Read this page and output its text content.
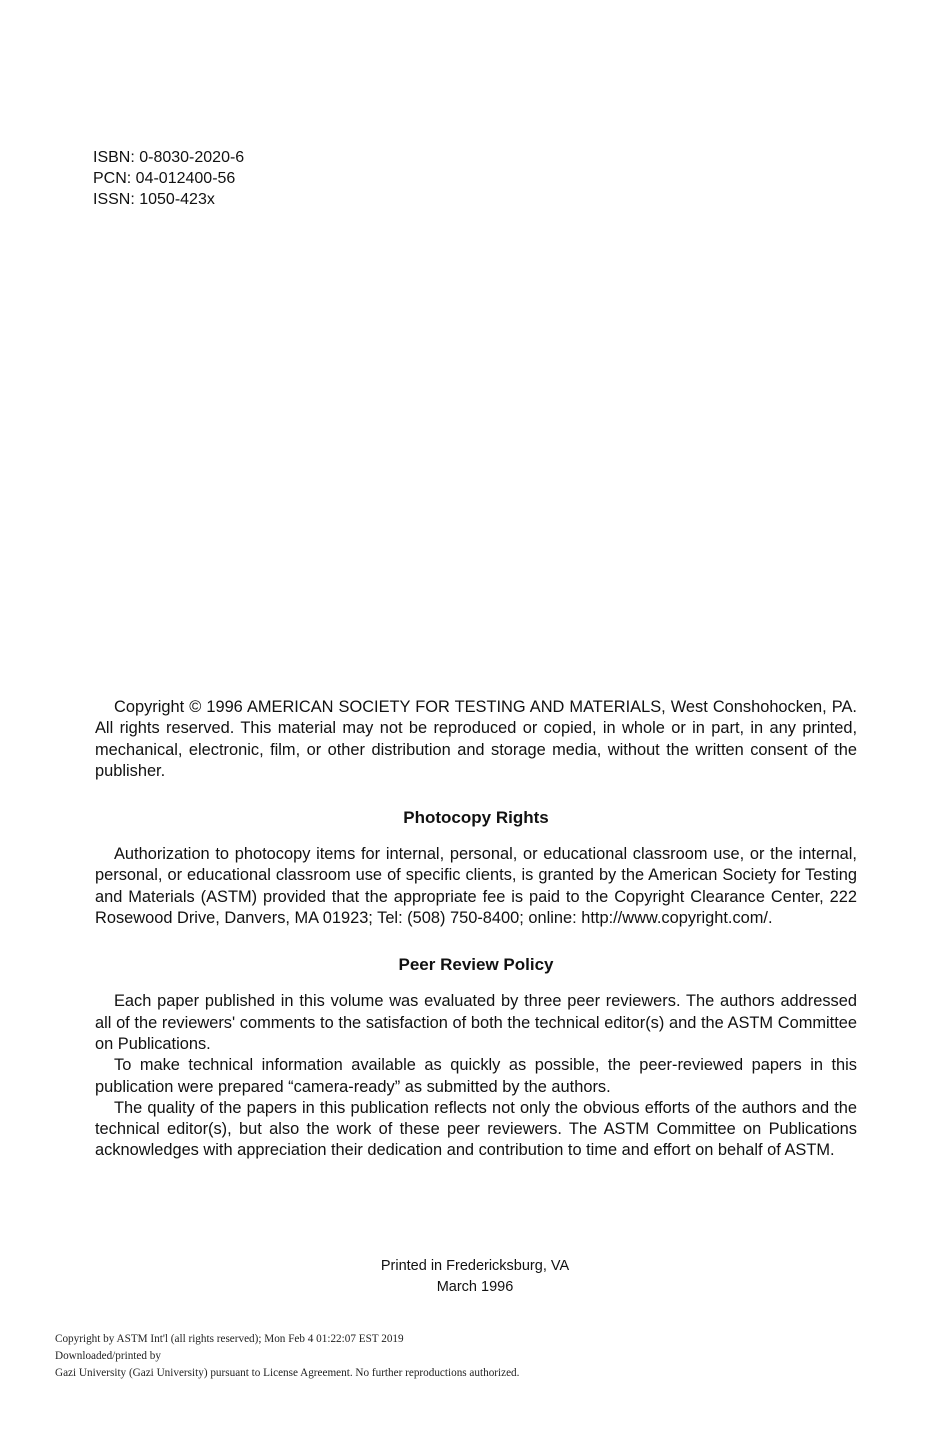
ISBN: 0-8030-2020-6
PCN: 04-012400-56
ISSN: 1050-423x

Copyright © 1996 AMERICAN SOCIETY FOR TESTING AND MATERIALS, West Conshohocken, PA. All rights reserved. This material may not be reproduced or copied, in whole or in part, in any printed, mechanical, electronic, film, or other distribution and storage media, without the written consent of the publisher.

Photocopy Rights

Authorization to photocopy items for internal, personal, or educational classroom use, or the internal, personal, or educational classroom use of specific clients, is granted by the American Society for Testing and Materials (ASTM) provided that the appropriate fee is paid to the Copyright Clearance Center, 222 Rosewood Drive, Danvers, MA 01923; Tel: (508) 750-8400; online: http://www.copyright.com/.

Peer Review Policy

Each paper published in this volume was evaluated by three peer reviewers. The authors addressed all of the reviewers' comments to the satisfaction of both the technical editor(s) and the ASTM Committee on Publications.

To make technical information available as quickly as possible, the peer-reviewed papers in this publication were prepared “camera-ready” as submitted by the authors.

The quality of the papers in this publication reflects not only the obvious efforts of the authors and the technical editor(s), but also the work of these peer reviewers. The ASTM Committee on Publications acknowledges with appreciation their dedication and contribution to time and effort on behalf of ASTM.

Printed in Fredericksburg, VA
March 1996
Copyright by ASTM Int'l (all rights reserved); Mon Feb 4 01:22:07 EST 2019
Downloaded/printed by
Gazi University (Gazi University) pursuant to License Agreement. No further reproductions authorized.
